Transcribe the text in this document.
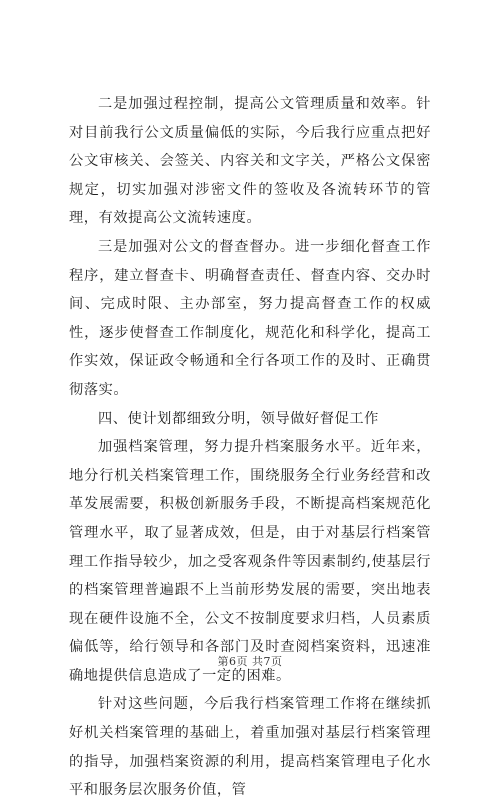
二是加强过程控制，提高公文管理质量和效率。针对目前我行公文质量偏低的实际，今后我行应重点把好公文审核关、会签关、内容关和文字关，严格公文保密规定，切实加强对涉密文件的签收及各流转环节的管理，有效提高公文流转速度。

三是加强对公文的督查督办。进一步细化督查工作程序，建立督查卡、明确督查责任、督查内容、交办时间、完成时限、主办部室，努力提高督查工作的权威性，逐步使督查工作制度化，规范化和科学化，提高工作实效，保证政令畅通和全行各项工作的及时、正确贯彻落实。

四、使计划都细致分明，领导做好督促工作

加强档案管理，努力提升档案服务水平。近年来，地分行机关档案管理工作，围绕服务全行业务经营和改革发展需要，积极创新服务手段，不断提高档案规范化管理水平，取了显著成效，但是，由于对基层行档案管理工作指导较少，加之受客观条件等因素制约,使基层行的档案管理普遍跟不上当前形势发展的需要，突出地表现在硬件设施不全，公文不按制度要求归档，人员素质偏低等，给行领导和各部门及时查阅档案资料，迅速准确地提供信息造成了一定的困难。

针对这些问题，今后我行档案管理工作将在继续抓好机关档案管理的基础上，着重加强对基层行档案管理的指导，加强档案资源的利用，提高档案管理电子化水平和服务层次服务价值，管

第6页 共7页
